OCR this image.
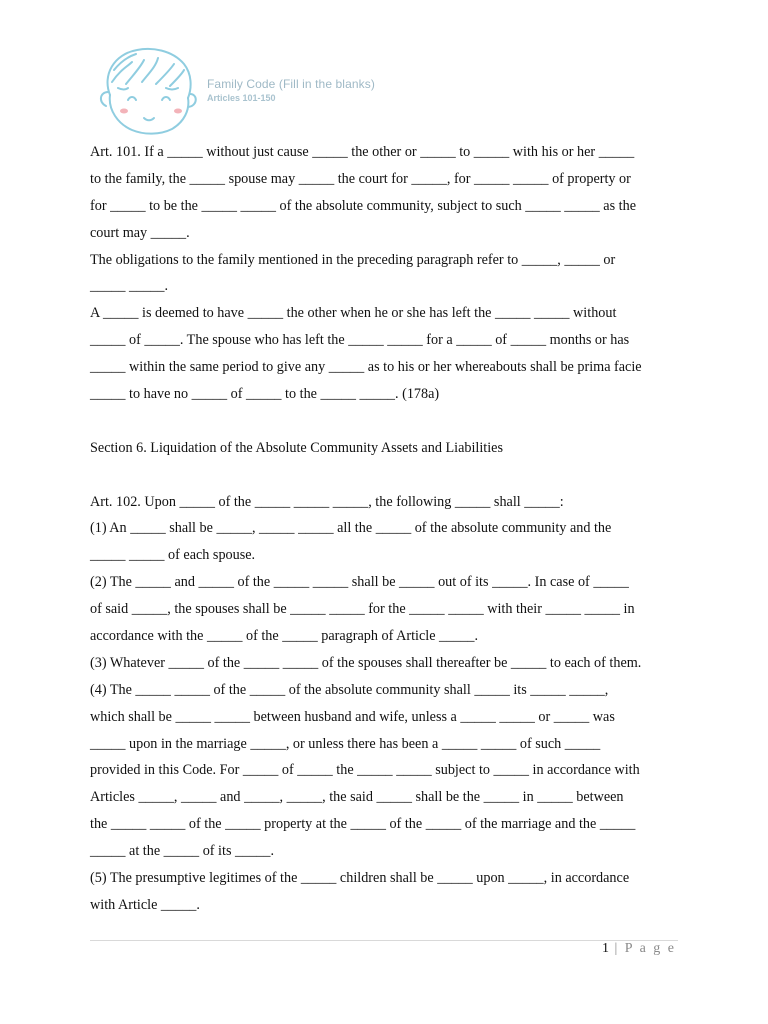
Family Code (Fill in the blanks)
Articles 101-150

Art. 101. If a _____ without just cause _____ the other or _____ to _____ with his or her _____

to the family, the _____ spouse may _____ the court for _____, for _____ _____ of property or

for _____ to be the _____ _____ of the absolute community, subject to such _____ _____ as the

court may _____.

The obligations to the family mentioned in the preceding paragraph refer to _____, _____ or

_____ _____.

A _____ is deemed to have _____ the other when he or she has left the _____ _____ without

_____ of _____. The spouse who has left the _____ _____ for a _____ of _____ months or has

_____ within the same period to give any _____ as to his or her whereabouts shall be prima facie

_____ to have no _____ of _____ to the _____ _____. (178a)

Section 6. Liquidation of the Absolute Community Assets and Liabilities

Art. 102. Upon _____ of the _____ _____ _____, the following _____ shall _____:

(1) An _____ shall be _____, _____ _____ all the _____ of the absolute community and the

_____ _____ of each spouse.

(2) The _____ and _____ of the _____ _____ shall be _____ out of its _____. In case of _____

of said _____, the spouses shall be _____ _____ for the _____ _____ with their _____ _____ in

accordance with the _____ of the _____ paragraph of Article _____.

(3) Whatever _____ of the _____ _____ of the spouses shall thereafter be _____ to each of them.

(4) The _____ _____ of the _____ of the absolute community shall _____ its _____ _____,

which shall be _____ _____ between husband and wife, unless a _____ _____ or _____ was

_____ upon in the marriage _____, or unless there has been a _____ _____ of such _____

provided in this Code. For _____ of _____ the _____ _____ subject to _____ in accordance with

Articles _____, _____ and _____, _____, the said _____ shall be the _____ in _____ between

the _____ _____ of the _____ property at the _____ of the _____ of the marriage and the _____

_____ at the _____ of its _____.

(5) The presumptive legitimes of the _____ children shall be _____ upon _____, in accordance

with Article _____.

1 | P a g e
